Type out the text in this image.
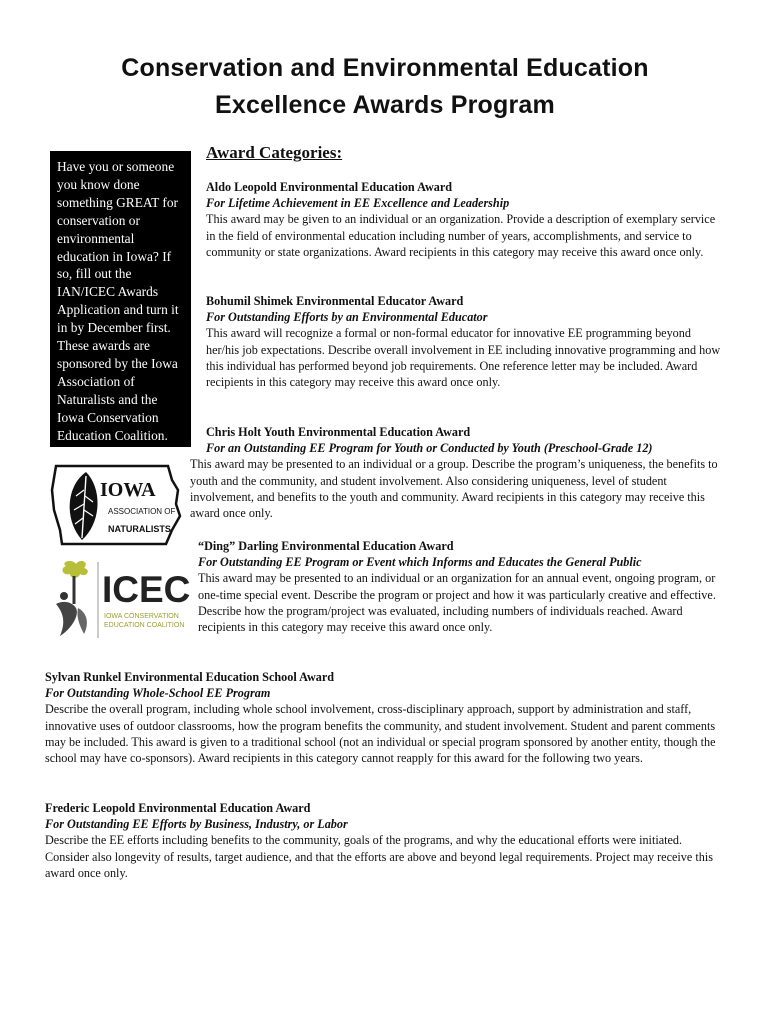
Conservation and Environmental Education
Excellence Awards Program
Have you or someone you know done something GREAT for conservation or environmental education in Iowa? If so, fill out the IAN/ICEC Awards Application and turn it in by December first. These awards are sponsored by the Iowa Association of Naturalists and the Iowa Conservation Education Coalition.
Award Categories:
Aldo Leopold Environmental Education Award
For Lifetime Achievement in EE Excellence and Leadership
This award may be given to an individual or an organization. Provide a description of exemplary service in the field of environmental education including number of years, accomplishments, and service to community or state organizations. Award recipients in this category may receive this award once only.
Bohumil Shimek Environmental Educator Award
For Outstanding Efforts by an Environmental Educator
This award will recognize a formal or non-formal educator for innovative EE programming beyond her/his job expectations. Describe overall involvement in EE including innovative programming and how this individual has performed beyond job requirements. One reference letter may be included. Award recipients in this category may receive this award once only.
Chris Holt Youth Environmental Education Award
For an Outstanding EE Program for Youth or Conducted by Youth (Preschool-Grade 12)
This award may be presented to an individual or a group. Describe the program’s uniqueness, the benefits to youth and the community, and student involvement. Also considering uniqueness, level of student involvement, and benefits to the youth and community. Award recipients in this category may receive this award once only.
“Ding” Darling Environmental Education Award
For Outstanding EE Program or Event which Informs and Educates the General Public
This award may be presented to an individual or an organization for an annual event, ongoing program, or one-time special event. Describe the program or project and how it was particularly creative and effective. Describe how the program/project was evaluated, including numbers of individuals reached. Award recipients in this category may receive this award once only.
Sylvan Runkel Environmental Education School Award
For Outstanding Whole-School EE Program
Describe the overall program, including whole school involvement, cross-disciplinary approach, support by administration and staff, innovative uses of outdoor classrooms, how the program benefits the community, and student involvement. Student and parent comments may be included. This award is given to a traditional school (not an individual or special program sponsored by another entity, though the school may have co-sponsors). Award recipients in this category cannot reapply for this award for the following two years.
Frederic Leopold Environmental Education Award
For Outstanding EE Efforts by Business, Industry, or Labor
Describe the EE efforts including benefits to the community, goals of the programs, and why the educational efforts were initiated. Consider also longevity of results, target audience, and that the efforts are above and beyond legal requirements. Project may receive this award once only.
IOWA
ASSOCIATION OF
NATURALISTS
ICEC
IOWA CONSERVATION
EDUCATION COALITION
